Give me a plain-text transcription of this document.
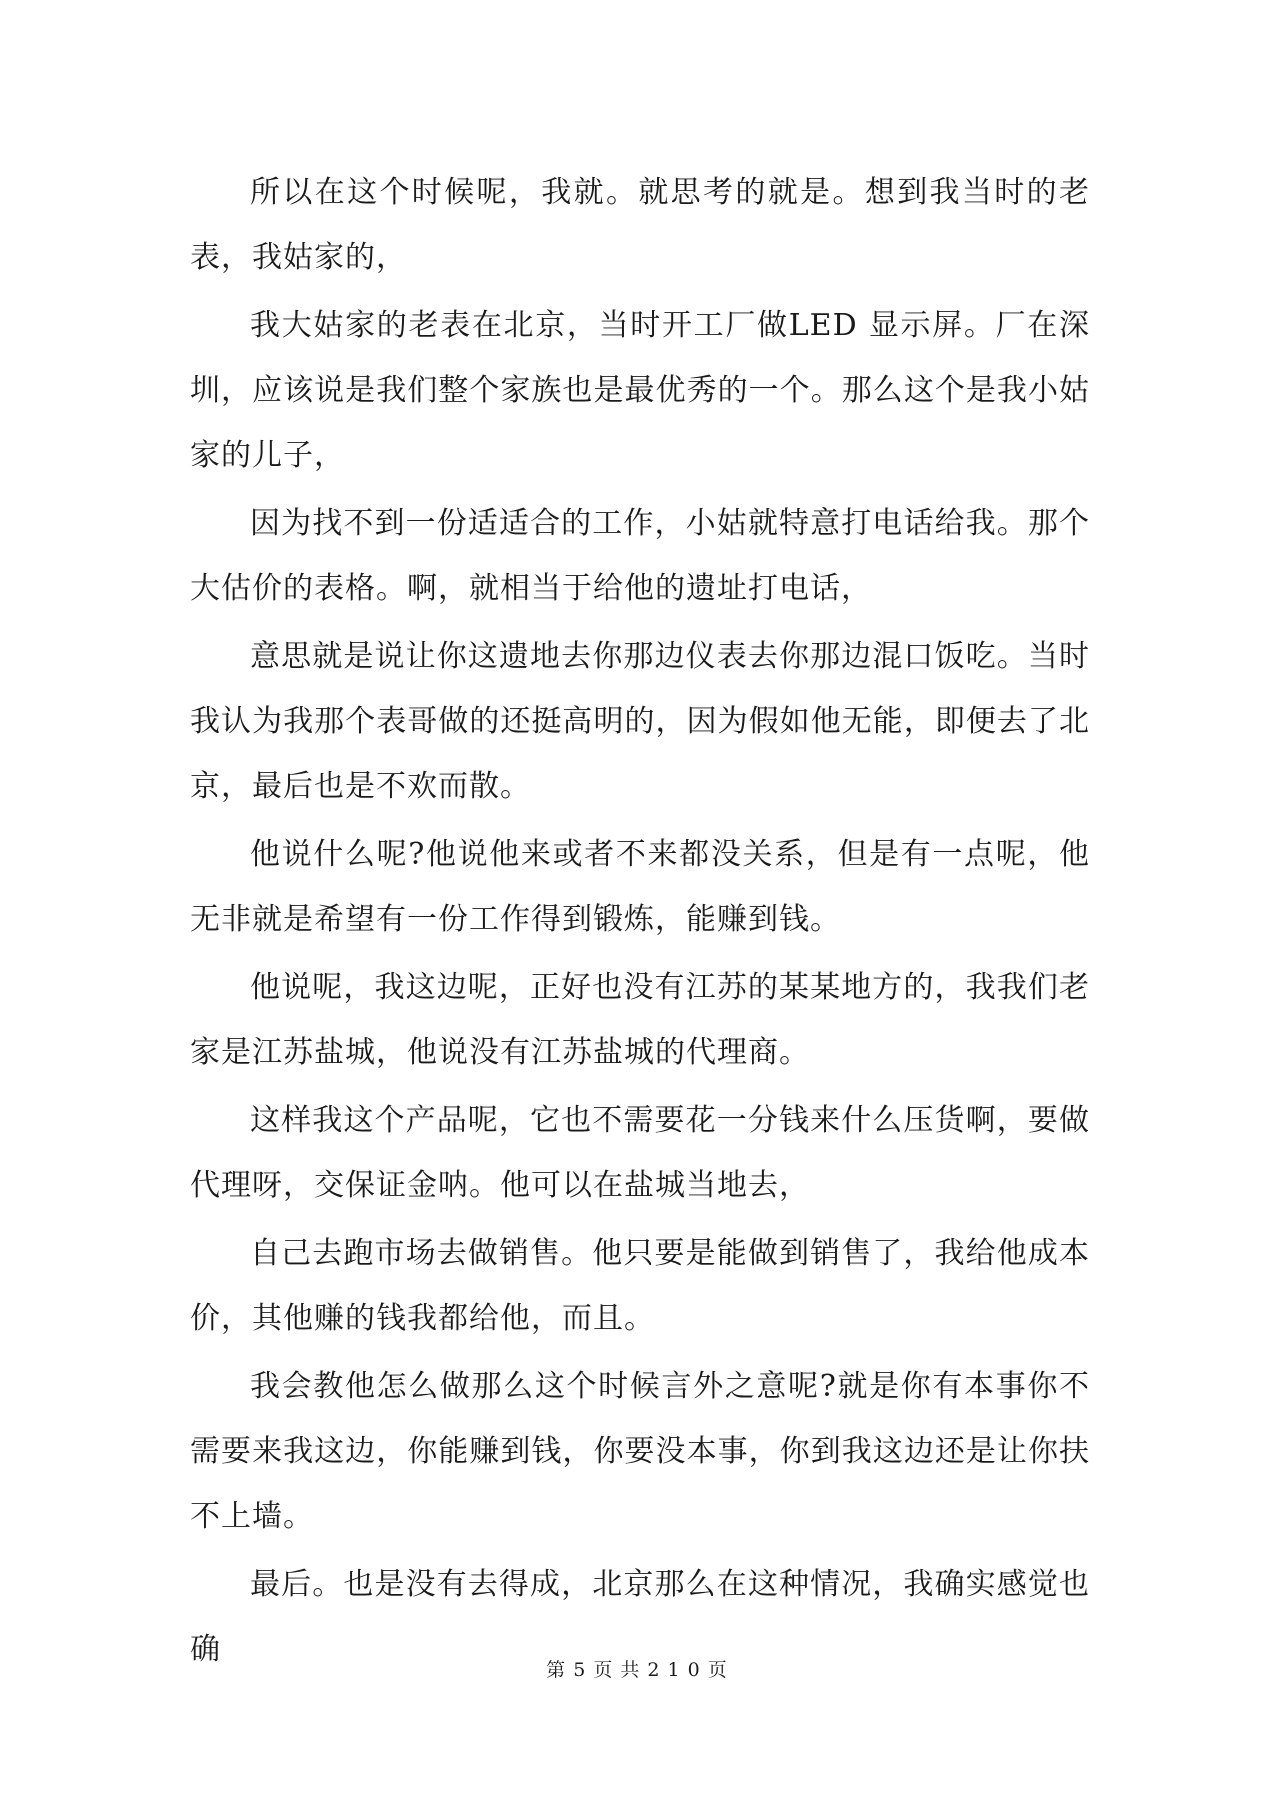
所以在这个时候呢，我就。就思考的就是。想到我当时的老表，我姑家的，

我大姑家的老表在北京，当时开工厂做LED 显示屏。厂在深圳，应该说是我们整个家族也是最优秀的一个。那么这个是我小姑家的儿子，

因为找不到一份适适合的工作，小姑就特意打电话给我。那个大估价的表格。啊，就相当于给他的遗址打电话，

意思就是说让你这遗地去你那边仪表去你那边混口饭吃。当时我认为我那个表哥做的还挺高明的，因为假如他无能，即便去了北京，最后也是不欢而散。

他说什么呢?他说他来或者不来都没关系，但是有一点呢，他无非就是希望有一份工作得到锻炼，能赚到钱。

他说呢，我这边呢，正好也没有江苏的某某地方的，我我们老家是江苏盐城，他说没有江苏盐城的代理商。

这样我这个产品呢，它也不需要花一分钱来什么压货啊，要做代理呀，交保证金呐。他可以在盐城当地去，

自己去跑市场去做销售。他只要是能做到销售了，我给他成本价，其他赚的钱我都给他，而且。

我会教他怎么做那么这个时候言外之意呢?就是你有本事你不需要来我这边，你能赚到钱，你要没本事，你到我这边还是让你扶不上墙。

最后。也是没有去得成，北京那么在这种情况，我确实感觉也确

第 5 页 共 2 1 0 页
